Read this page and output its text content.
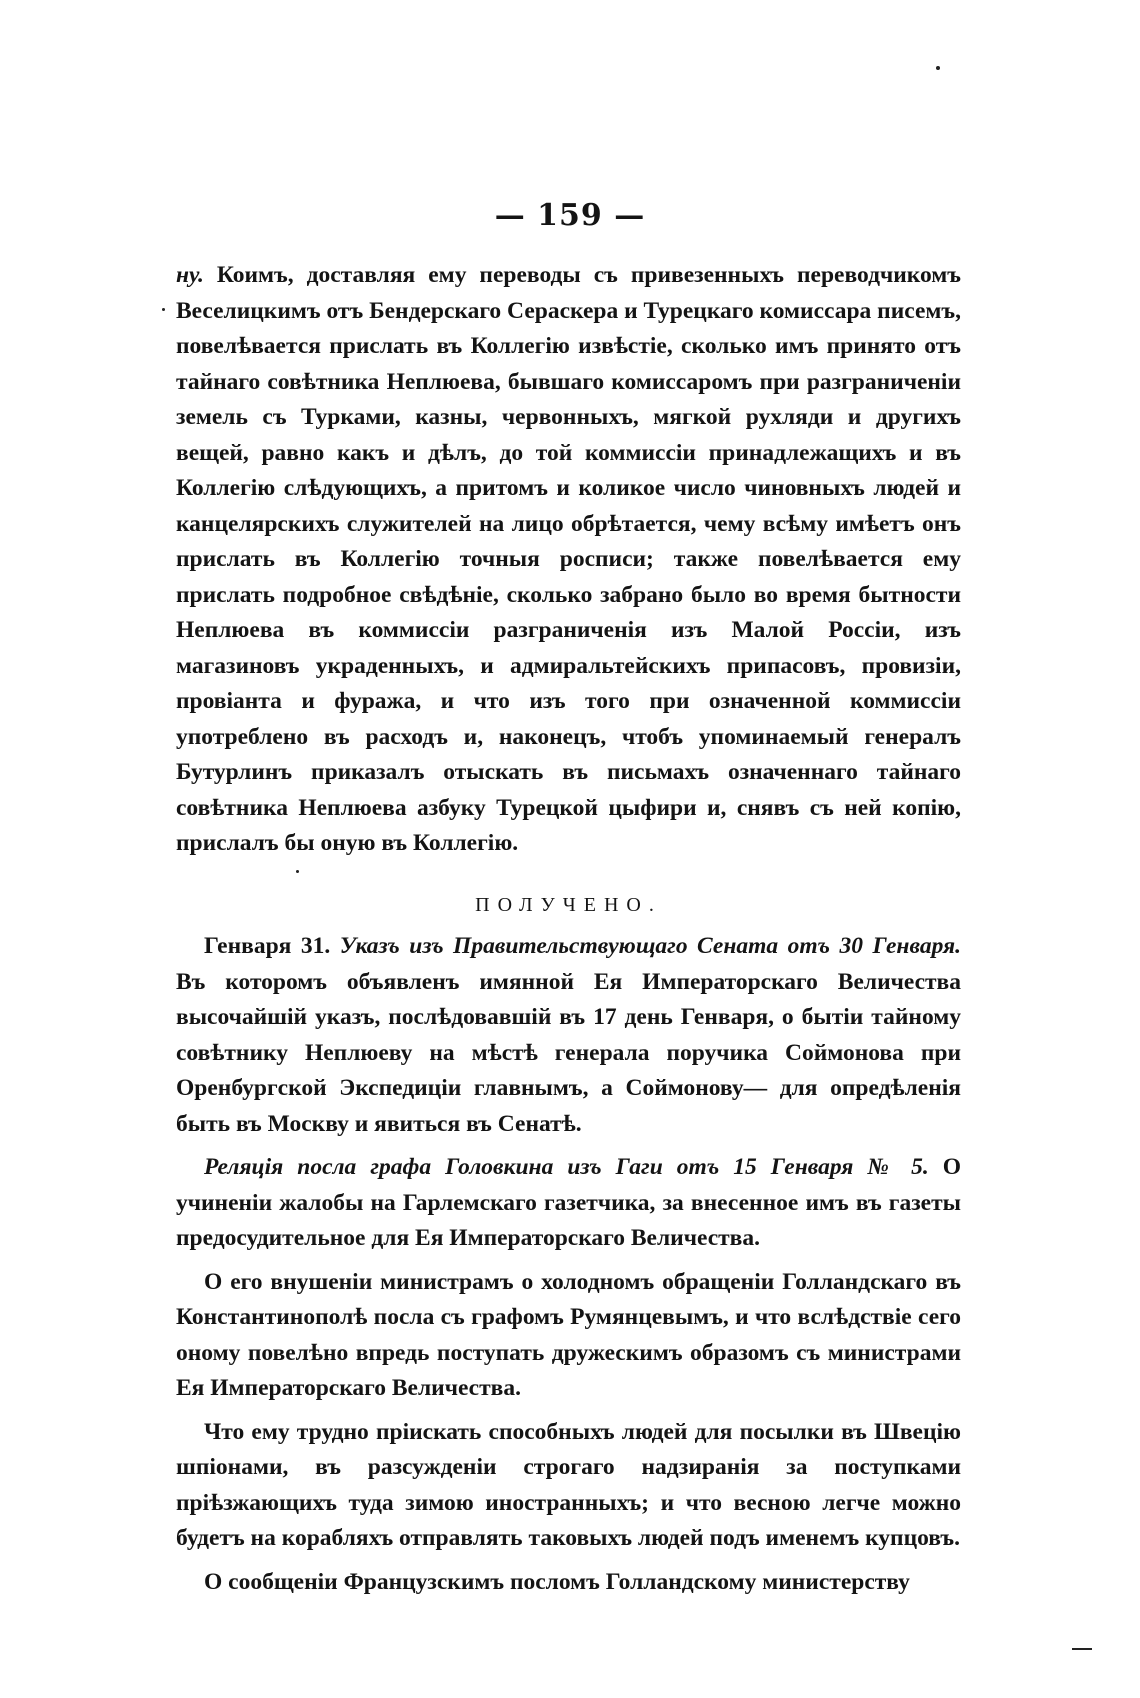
— 159 —

ну. Коимъ, доставляя ему переводы съ привезенныхъ переводчикомъ Веселицкимъ отъ Бендерскаго Сераскера и Турецкаго комиссара писемъ, повелѣвается прислать въ Коллегію извѣстіе, сколько имъ принято отъ тайнаго совѣтника Неплюева, бывшаго комиссаромъ при разграниченіи земель съ Турками, казны, червонныхъ, мягкой рухляди и другихъ вещей, равно какъ и дѣлъ, до той коммиссіи принадлежащихъ и въ Коллегію слѣдующихъ, а притомъ и коликое число чиновныхъ людей и канцелярскихъ служителей на лицо обрѣтается, чему всѣму имѣетъ онъ прислать въ Коллегію точныя росписи; также повелѣвается ему прислать подробное свѣдѣніе, сколько забрано было во время бытности Неплюева въ коммиссіи разграниченія изъ Малой Россіи, изъ магазиновъ украденныхъ, и адмиральтейскихъ припасовъ, провизіи, провіанта и фуража, и что изъ того при означенной коммиссіи употреблено въ расходъ и, наконецъ, чтобъ упоминаемый генералъ Бутурлинъ приказалъ отыскать въ письмахъ означеннаго тайнаго совѣтника Неплюева азбуку Турецкой цыфири и, снявъ съ ней копію, прислалъ бы оную въ Коллегію.

ПОЛУЧЕНО.

Генваря 31. Указъ изъ Правительствующаго Сената отъ 30 Генваря. Въ которомъ объявленъ имянной Ея Императорскаго Величества высочайшій указъ, послѣдовавшій въ 17 день Генваря, о бытіи тайному совѣтнику Неплюеву на мѣстѣ генерала поручика Соймонова при Оренбургской Экспедиціи главнымъ, а Соймонову— для опредѣленія быть въ Москву и явиться въ Сенатѣ.

Реляція посла графа Головкина изъ Гаги отъ 15 Генваря № 5. О учиненіи жалобы на Гарлемскаго газетчика, за внесенное имъ въ газеты предосудительное для Ея Императорскаго Величества.

О его внушеніи министрамъ о холодномъ обращеніи Голландскаго въ Константинополѣ посла съ графомъ Румянцевымъ, и что вслѣдствіе сего оному повелѣно впредь поступать дружескимъ образомъ съ министрами Ея Императорскаго Величества.

Что ему трудно пріискать способныхъ людей для посылки въ Швецію шпіонами, въ разсужденіи строгаго надзиранія за поступками пріѣзжающихъ туда зимою иностранныхъ; и что весною легче можно будетъ на корабляхъ отправлять таковыхъ людей подъ именемъ купцовъ.

О сообщеніи Французскимъ посломъ Голландскому министерству
